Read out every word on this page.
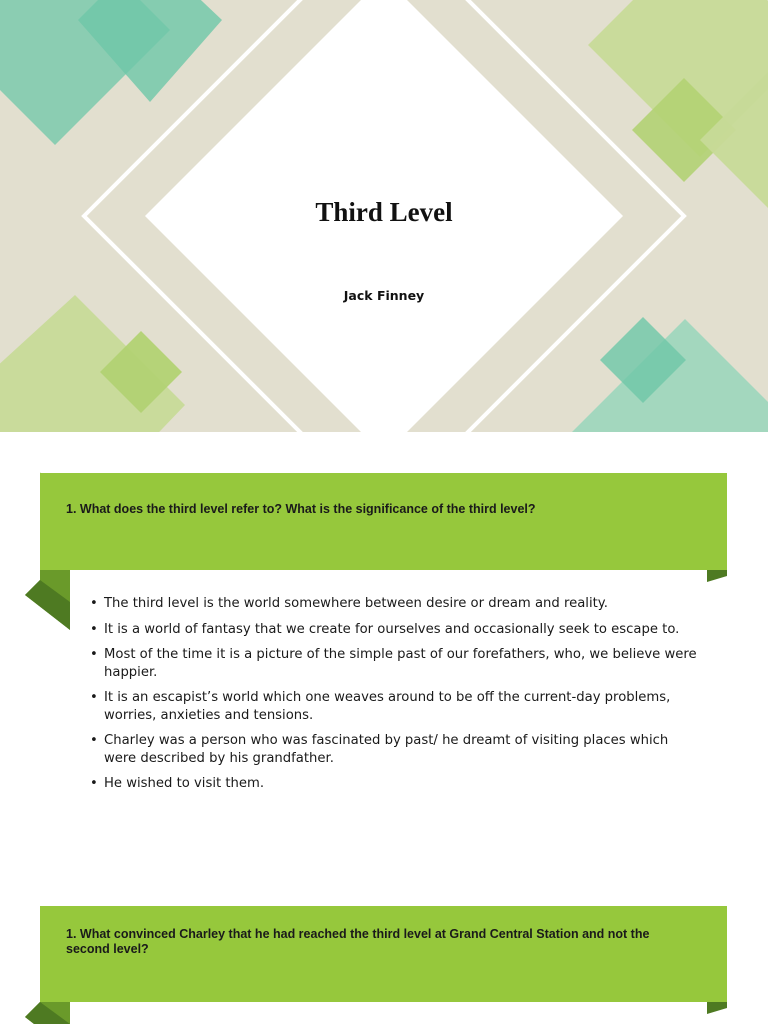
Third Level
Jack Finney
1. What does the third level refer to? What is the significance of the third level?
• The third level is the world somewhere between desire or dream and reality.
• It is a world of fantasy that we create for ourselves and occasionally seek to escape to.
• Most of the time it is a picture of the simple past of our forefathers, who, we believe were happier.
• It is an escapist’s world which one weaves around to be off the current-day problems, worries, anxieties and tensions.
• Charley was a person who was fascinated by past/ he dreamt of visiting places which were described by his grandfather.
• He wished to visit them.
1. What convinced Charley that he had reached the third level at Grand Central Station and not the second level?
